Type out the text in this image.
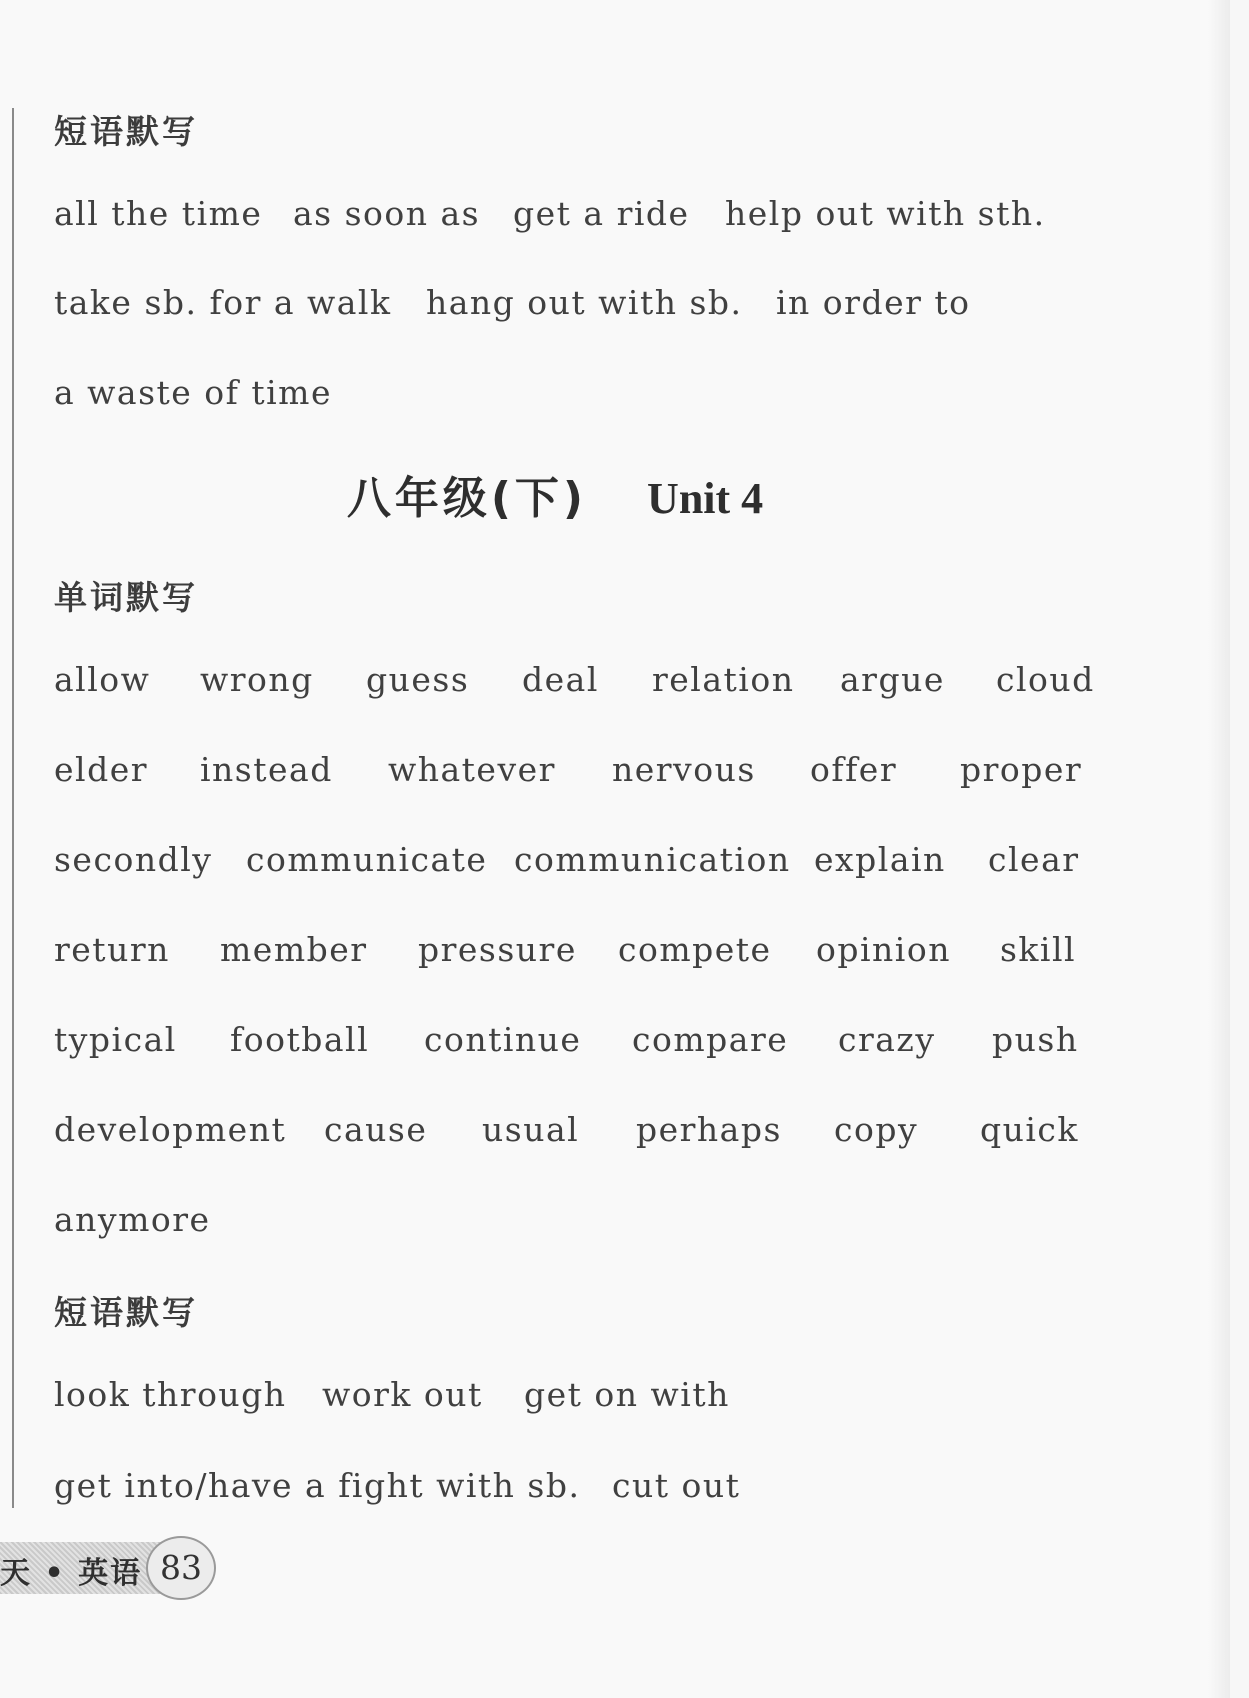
短语默写
all the time as soon as get a ride help out with sth.
take sb. for a walk hang out with sb. in order to
a waste of time
八年级(下) Unit 4
单词默写
allow wrong guess deal relation argue cloud
elder instead whatever nervous offer proper
secondly communicate communication explain clear
return member pressure compete opinion skill
typical football continue compare crazy push
development cause usual perhaps copy quick
anymore
短语默写
look through work out get on with
get into/have a fight with sb. cut out
天 • 英语 83
